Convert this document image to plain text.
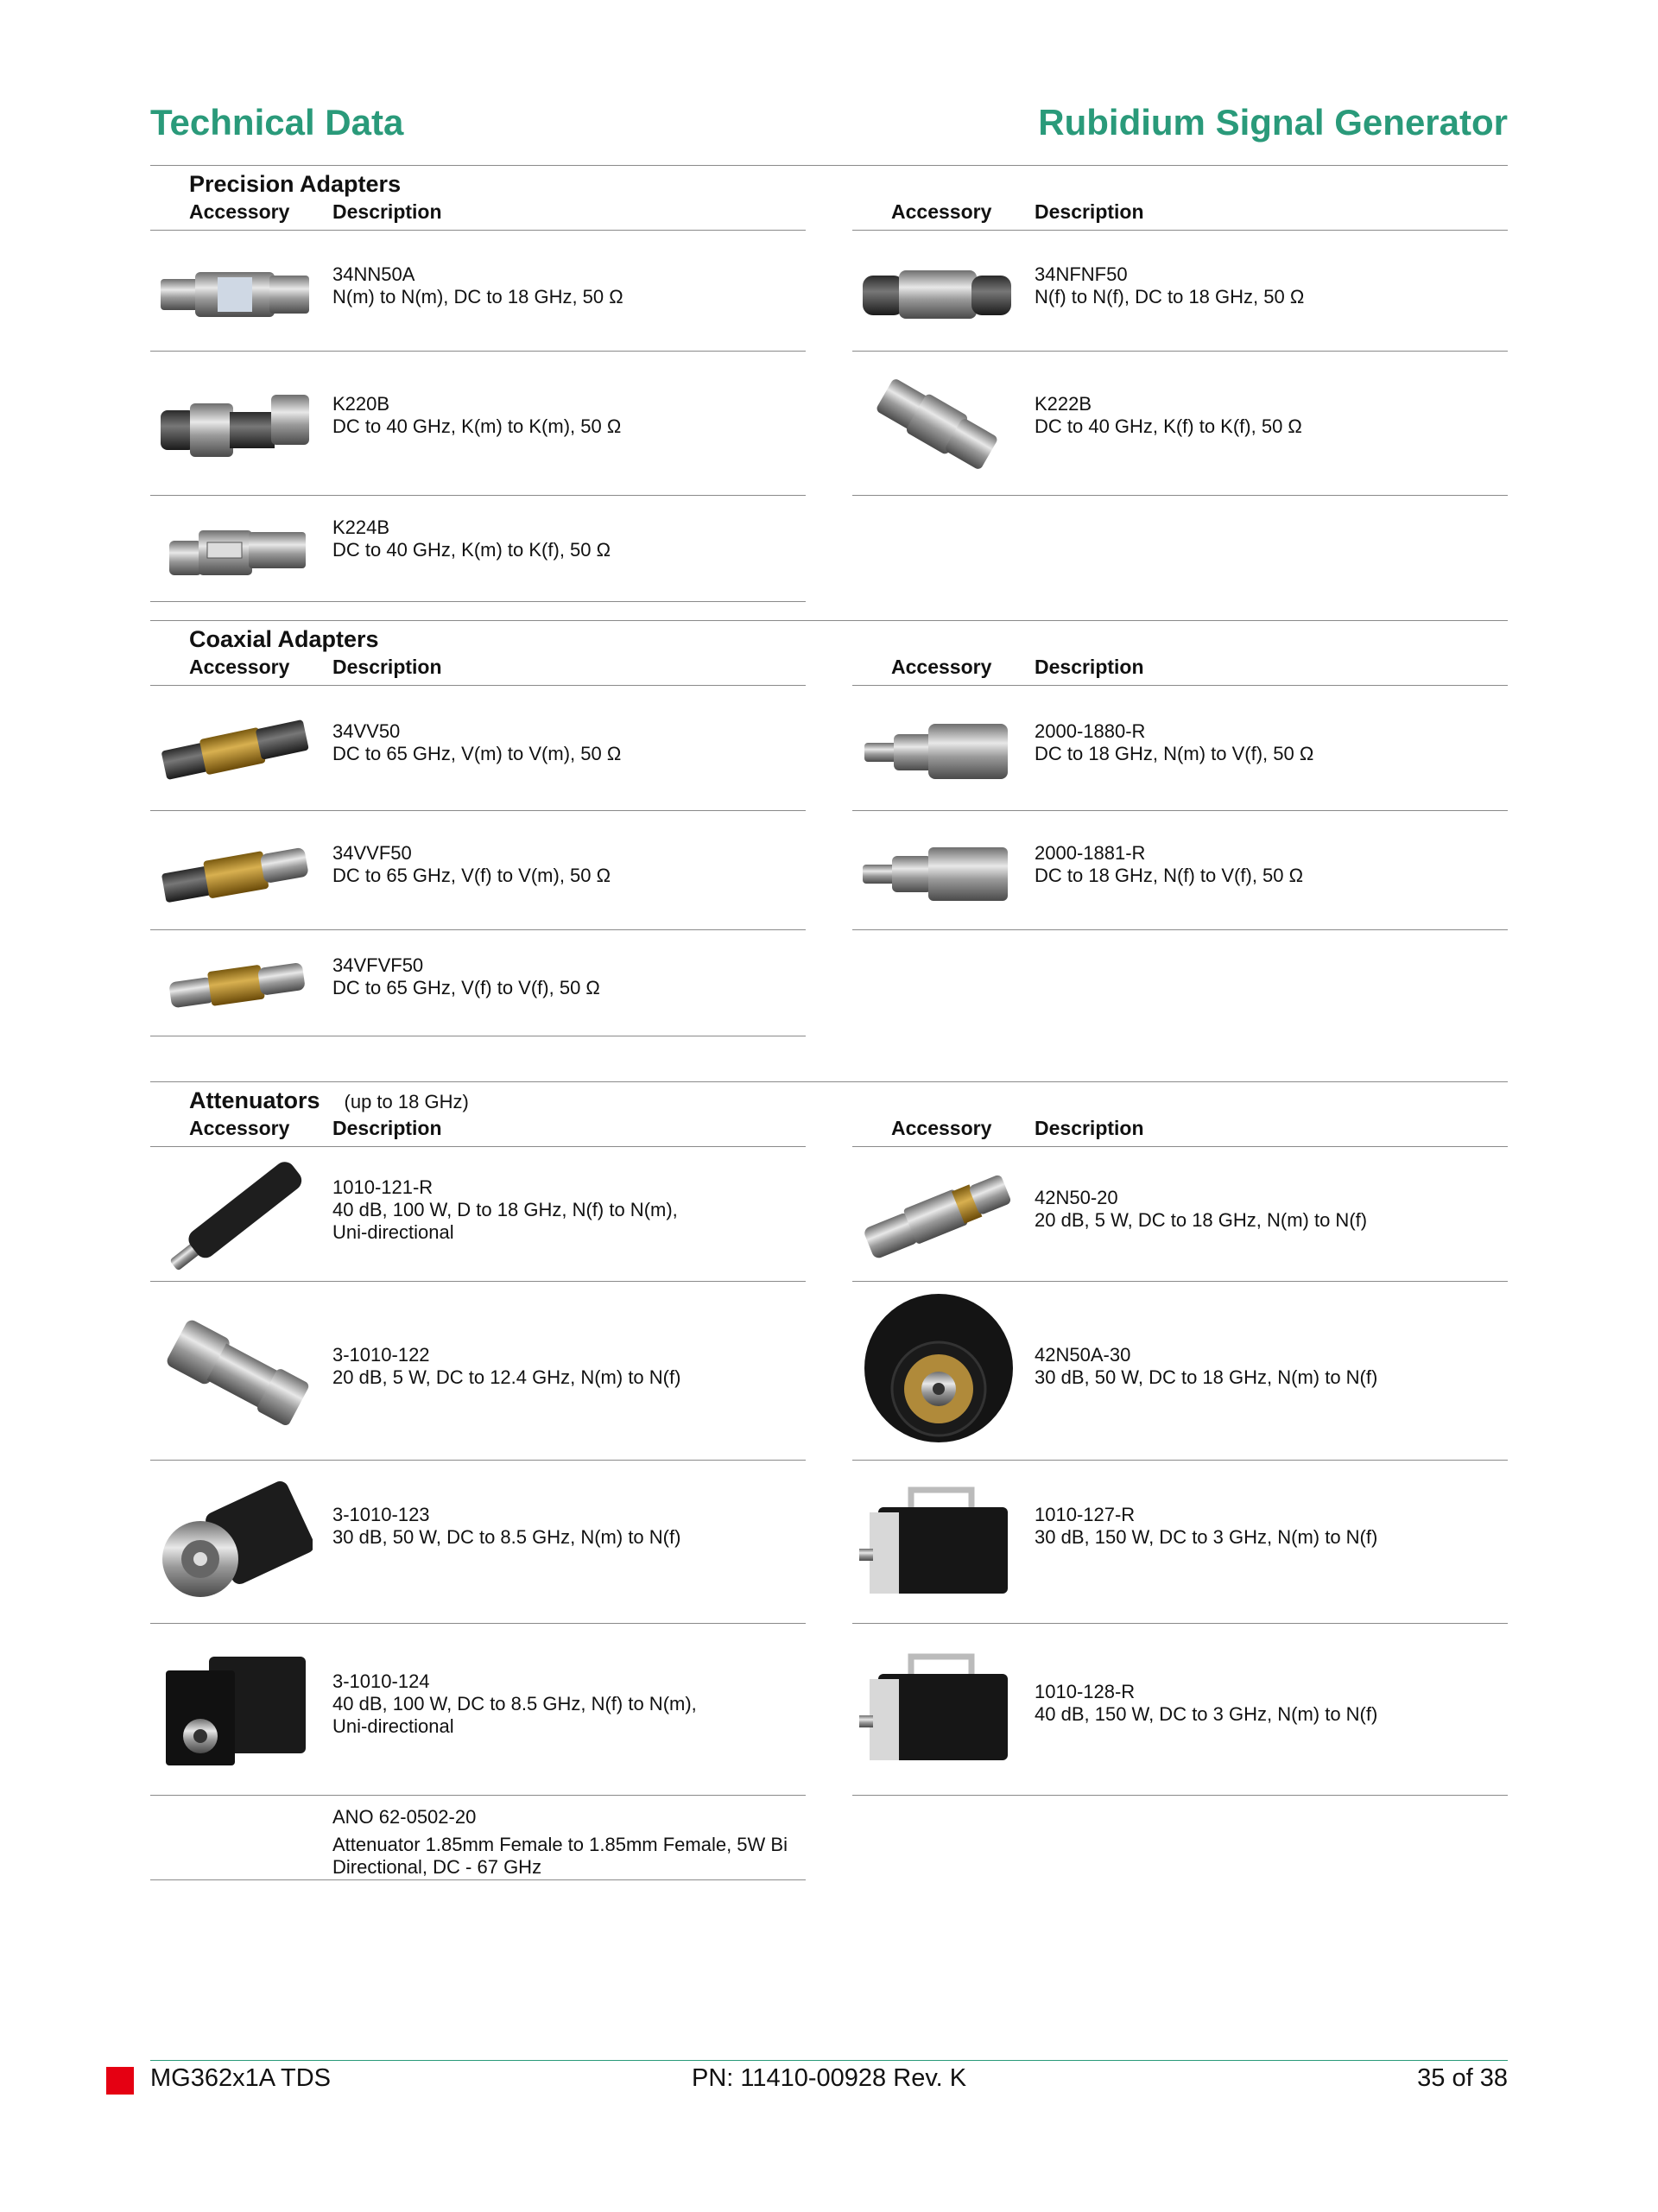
Technical Data	Rubidium Signal Generator
Precision Adapters
Accessory Description
34NN50A
N(m) to N(m), DC to 18 GHz, 50 Ω
K220B
DC to 40 GHz, K(m) to K(m), 50 Ω
K224B
DC to 40 GHz, K(m) to K(f), 50 Ω
Accessory Description
34NFNF50
N(f) to N(f), DC to 18 GHz, 50 Ω
K222B
DC to 40 GHz, K(f) to K(f), 50 Ω
Coaxial Adapters
Accessory Description
34VV50
DC to 65 GHz, V(m) to V(m), 50 Ω
34VVF50
DC to 65 GHz, V(f) to V(m), 50 Ω
34VFVF50
DC to 65 GHz, V(f) to V(f), 50 Ω
Accessory Description
2000-1880-R
DC to 18 GHz, N(m) to V(f), 50 Ω
2000-1881-R
DC to 18 GHz, N(f) to V(f), 50 Ω
Attenuators (up to 18 GHz)
Accessory Description
1010-121-R
40 dB, 100 W, D to 18 GHz, N(f) to N(m),
Uni-directional
3-1010-122
20 dB, 5 W, DC to 12.4 GHz, N(m) to N(f)
3-1010-123
30 dB, 50 W, DC to 8.5 GHz, N(m) to N(f)
3-1010-124
40 dB, 100 W, DC to 8.5 GHz, N(f) to N(m),
Uni-directional
ANO 62-0502-20
Attenuator 1.85mm Female to 1.85mm Female, 5W Bi
Directional, DC - 67 GHz
Accessory Description
42N50-20
20 dB, 5 W, DC to 18 GHz, N(m) to N(f)
42N50A-30
30 dB, 50 W, DC to 18 GHz, N(m) to N(f)
1010-127-R
30 dB, 150 W, DC to 3 GHz, N(m) to N(f)
1010-128-R
40 dB, 150 W, DC to 3 GHz, N(m) to N(f)
MG362x1A TDS	PN: 11410-00928 Rev. K	35 of 38
